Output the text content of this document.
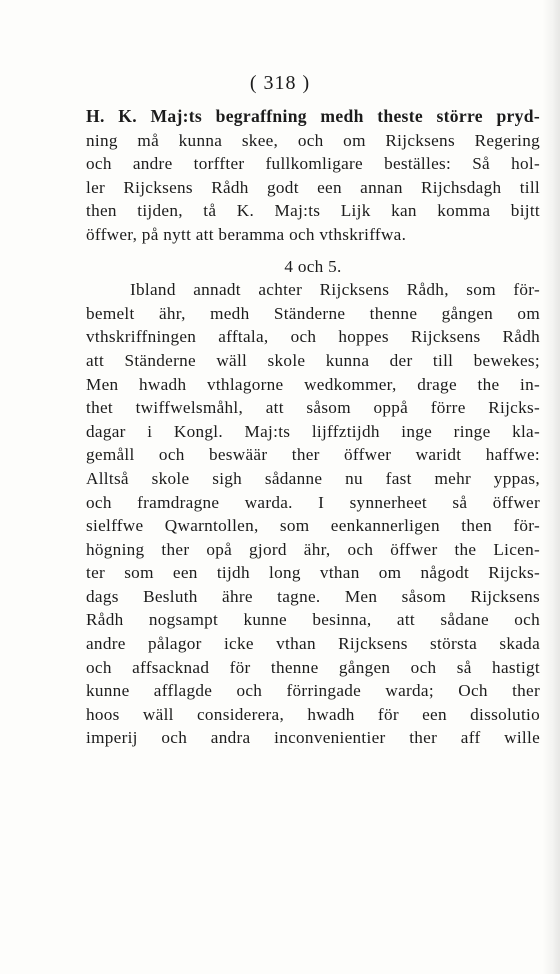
( 318 )
H. K. Maj:ts begraffning medh theste större pryd-
ning må kunna skee, och om Rijcksens Regering
och andre torffter fullkomligare beställes: Så hol-
ler Rijcksens Rådh godt een annan Rijchsdagh till
then tijden, tå K. Maj:ts Lijk kan komma bijtt
öffwer, på nytt att beramma och vthskriffwa.
4 och 5.
Ibland annadt achter Rijcksens Rådh, som för-
bemelt ähr, medh Ständerne thenne gången om
vthskriffningen afftala, och hoppes Rijcksens Rådh
att Ständerne wäll skole kunna der till bewekes;
Men hwadh vthlagorne wedkommer, drage the in-
thet twiffwelsmåhl, att såsom oppå förre Rijcks-
dagar i Kongl. Maj:ts lijffztijdh inge ringe kla-
gemåll och beswäär ther öffwer waridt haffwe:
Alltså skole sigh sådanne nu fast mehr yppas,
och framdragne warda. I synnerheet så öffwer
sielffwe Qwarntollen, som eenkannerligen then för-
högning ther opå gjord ähr, och öffwer the Licen-
ter som een tijdh long vthan om någodt Rijcks-
dags Besluth ähre tagne. Men såsom Rijcksens
Rådh nogsampt kunne besinna, att sådane och
andre pålagor icke vthan Rijcksens största skada
och affsacknad för thenne gången och så hastigt
kunne afflagde och förringade warda; Och ther
hoos wäll considerera, hwadh för een dissolutio
imperij och andra inconvenientier ther aff wille
